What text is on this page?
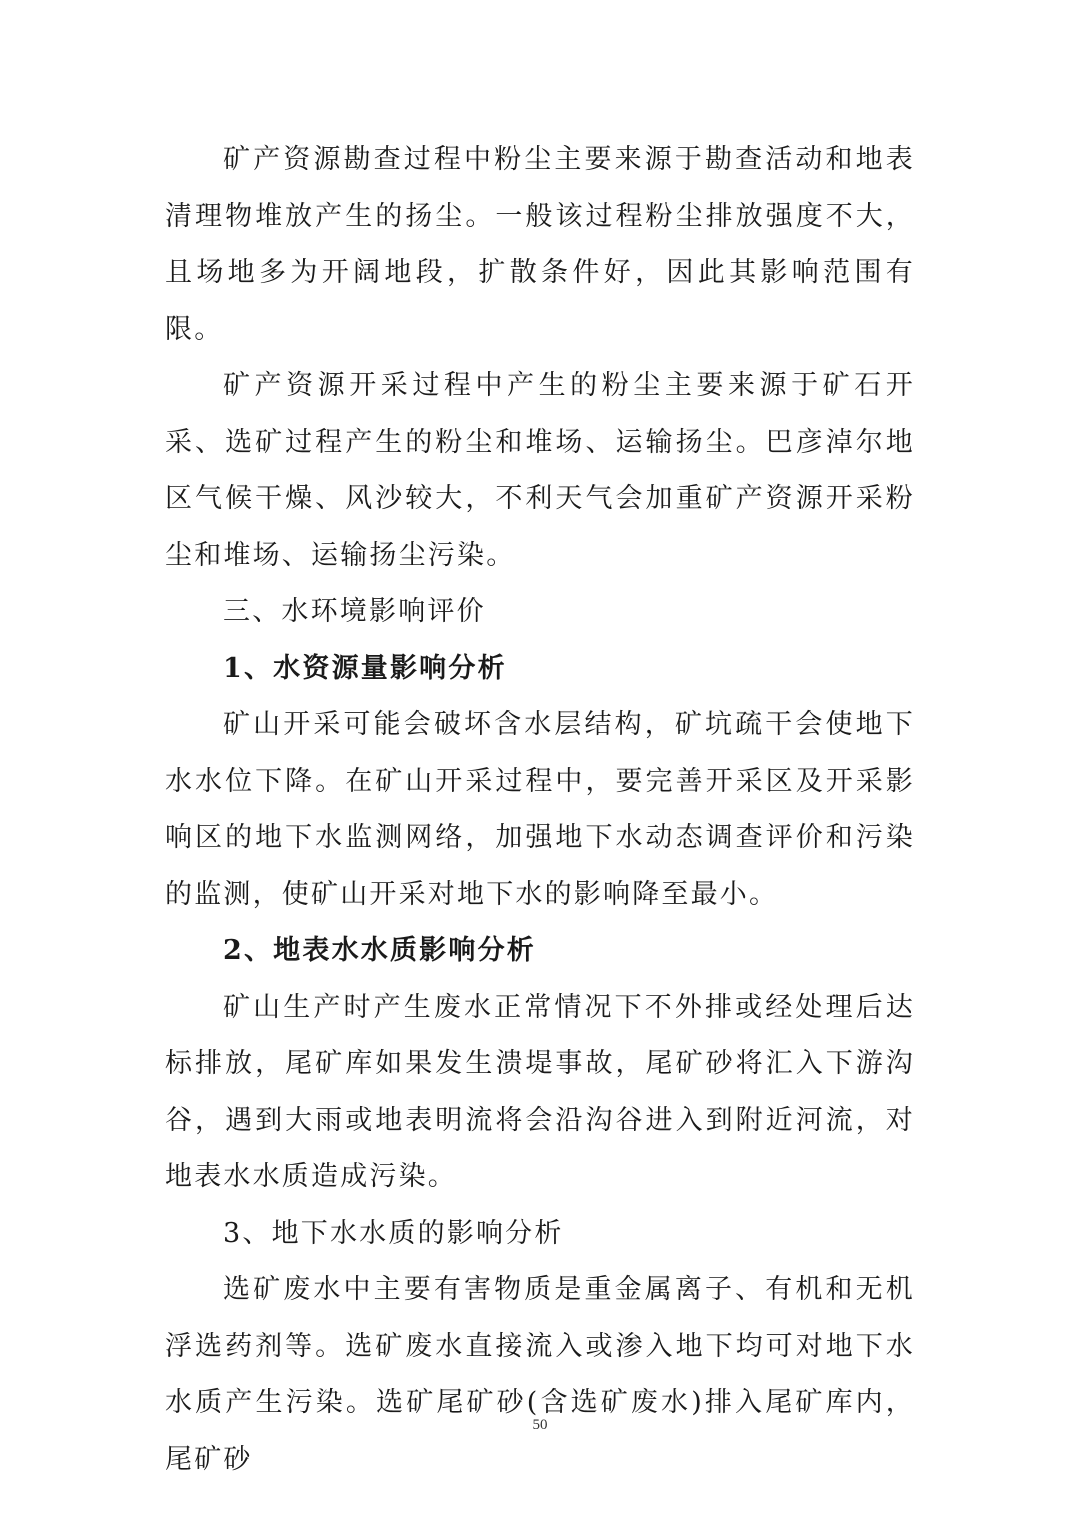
矿产资源勘查过程中粉尘主要来源于勘查活动和地表清理物堆放产生的扬尘。一般该过程粉尘排放强度不大，且场地多为开阔地段，扩散条件好，因此其影响范围有限。

矿产资源开采过程中产生的粉尘主要来源于矿石开采、选矿过程产生的粉尘和堆场、运输扬尘。巴彦淖尔地区气候干燥、风沙较大，不利天气会加重矿产资源开采粉尘和堆场、运输扬尘污染。

三、水环境影响评价

1、水资源量影响分析

矿山开采可能会破坏含水层结构，矿坑疏干会使地下水水位下降。在矿山开采过程中，要完善开采区及开采影响区的地下水监测网络，加强地下水动态调查评价和污染的监测，使矿山开采对地下水的影响降至最小。

2、地表水水质影响分析

矿山生产时产生废水正常情况下不外排或经处理后达标排放，尾矿库如果发生溃堤事故，尾矿砂将汇入下游沟谷，遇到大雨或地表明流将会沿沟谷进入到附近河流，对地表水水质造成污染。

3、地下水水质的影响分析

选矿废水中主要有害物质是重金属离子、有机和无机浮选药剂等。选矿废水直接流入或渗入地下均可对地下水水质产生污染。选矿尾矿砂(含选矿废水)排入尾矿库内，尾矿砂

50
